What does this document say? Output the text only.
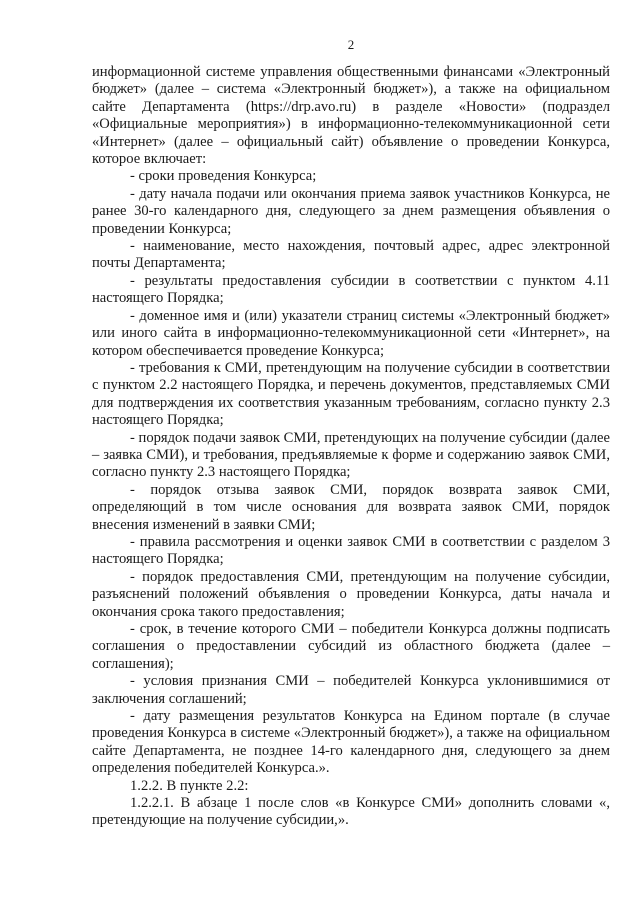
2

информационной системе управления общественными финансами «Электронный бюджет» (далее – система «Электронный бюджет»), а также на официальном сайте Департамента (https://drp.avo.ru) в разделе «Новости» (подраздел «Официальные мероприятия») в информационно-телекоммуникационной сети «Интернет» (далее – официальный сайт) объявление о проведении Конкурса, которое включает:

- сроки проведения Конкурса;

- дату начала подачи или окончания приема заявок участников Конкурса, не ранее 30-го календарного дня, следующего за днем размещения объявления о проведении Конкурса;

- наименование, место нахождения, почтовый адрес, адрес электронной почты Департамента;

- результаты предоставления субсидии в соответствии с пунктом 4.11 настоящего Порядка;

- доменное имя и (или) указатели страниц системы «Электронный бюджет» или иного сайта в информационно-телекоммуникационной сети «Интернет», на котором обеспечивается проведение Конкурса;

- требования к СМИ, претендующим на получение субсидии в соответствии с пунктом 2.2 настоящего Порядка, и перечень документов, представляемых СМИ для подтверждения их соответствия указанным требованиям, согласно пункту 2.3 настоящего Порядка;

- порядок подачи заявок СМИ, претендующих на получение субсидии (далее – заявка СМИ), и требования, предъявляемые к форме и содержанию заявок СМИ, согласно пункту 2.3 настоящего Порядка;

- порядок отзыва заявок СМИ, порядок возврата заявок СМИ, определяющий в том числе основания для возврата заявок СМИ, порядок внесения изменений в заявки СМИ;

- правила рассмотрения и оценки заявок СМИ в соответствии с разделом 3 настоящего Порядка;

- порядок предоставления СМИ, претендующим на получение субсидии, разъяснений положений объявления о проведении Конкурса, даты начала и окончания срока такого предоставления;

- срок, в течение которого СМИ – победители Конкурса должны подписать соглашения о предоставлении субсидий из областного бюджета (далее – соглашения);

- условия признания СМИ – победителей Конкурса уклонившимися от заключения соглашений;

- дату размещения результатов Конкурса на Едином портале (в случае проведения Конкурса в системе «Электронный бюджет»), а также на официальном сайте Департамента, не позднее 14-го календарного дня, следующего за днем определения победителей Конкурса.».

1.2.2. В пункте 2.2:

1.2.2.1. В абзаце 1 после слов «в Конкурсе СМИ» дополнить словами «, претендующие на получение субсидии,».
